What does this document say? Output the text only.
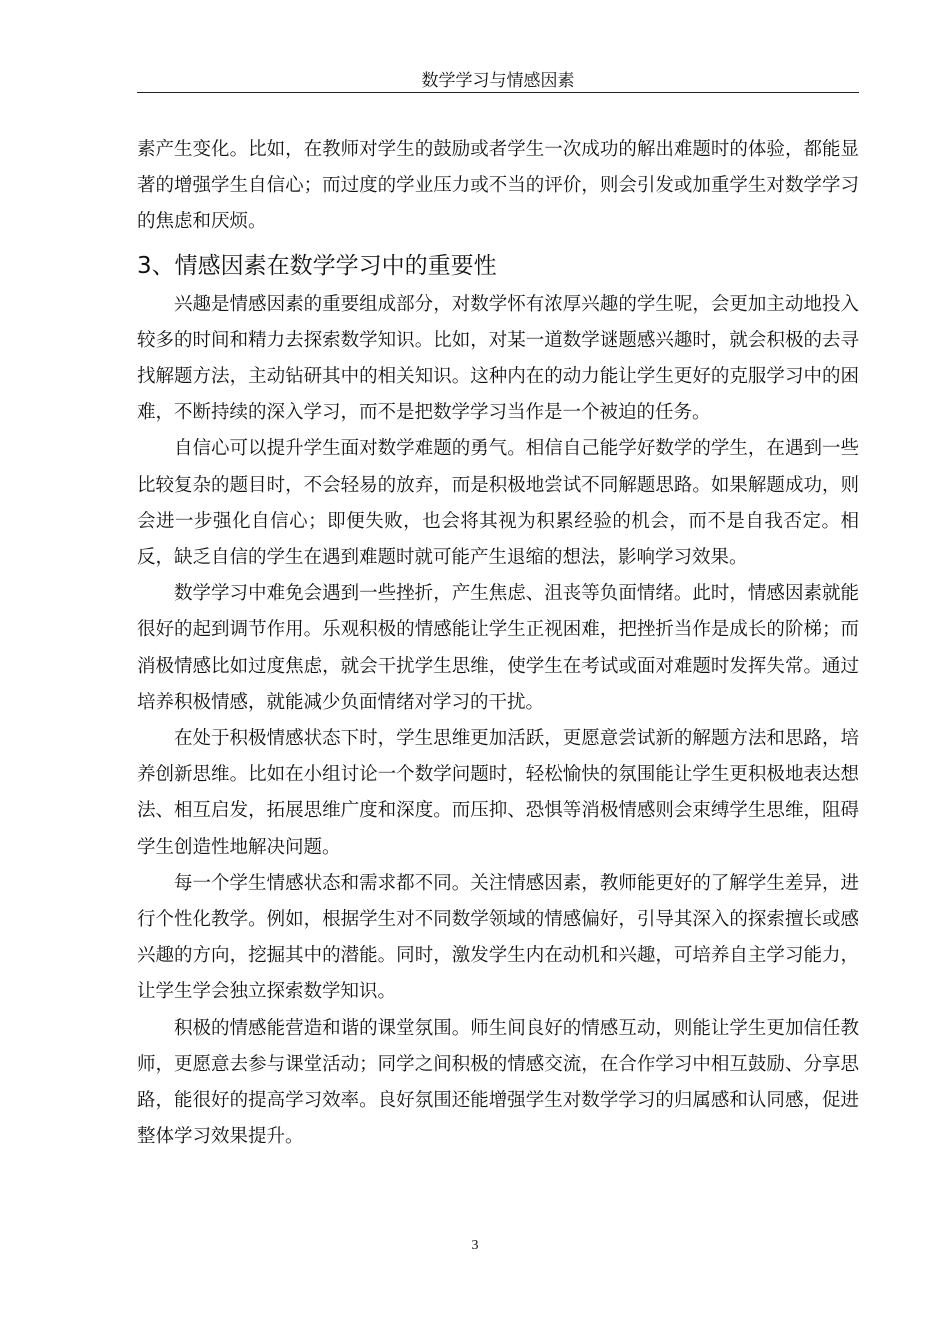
数学学习与情感因素

素产生变化。比如，在教师对学生的鼓励或者学生一次成功的解出难题时的体验，都能显著的增强学生自信心；而过度的学业压力或不当的评价，则会引发或加重学生对数学学习的焦虑和厌烦。

3、情感因素在数学学习中的重要性

兴趣是情感因素的重要组成部分，对数学怀有浓厚兴趣的学生呢，会更加主动地投入较多的时间和精力去探索数学知识。比如，对某一道数学谜题感兴趣时，就会积极的去寻找解题方法，主动钻研其中的相关知识。这种内在的动力能让学生更好的克服学习中的困难，不断持续的深入学习，而不是把数学学习当作是一个被迫的任务。

自信心可以提升学生面对数学难题的勇气。相信自己能学好数学的学生，在遇到一些比较复杂的题目时，不会轻易的放弃，而是积极地尝试不同解题思路。如果解题成功，则会进一步强化自信心；即便失败，也会将其视为积累经验的机会，而不是自我否定。相反，缺乏自信的学生在遇到难题时就可能产生退缩的想法，影响学习效果。

数学学习中难免会遇到一些挫折，产生焦虑、沮丧等负面情绪。此时，情感因素就能很好的起到调节作用。乐观积极的情感能让学生正视困难，把挫折当作是成长的阶梯；而消极情感比如过度焦虑，就会干扰学生思维，使学生在考试或面对难题时发挥失常。通过培养积极情感，就能减少负面情绪对学习的干扰。

在处于积极情感状态下时，学生思维更加活跃，更愿意尝试新的解题方法和思路，培养创新思维。比如在小组讨论一个数学问题时，轻松愉快的氛围能让学生更积极地表达想法、相互启发，拓展思维广度和深度。而压抑、恐惧等消极情感则会束缚学生思维，阻碍学生创造性地解决问题。

每一个学生情感状态和需求都不同。关注情感因素，教师能更好的了解学生差异，进行个性化教学。例如，根据学生对不同数学领域的情感偏好，引导其深入的探索擅长或感兴趣的方向，挖掘其中的潜能。同时，激发学生内在动机和兴趣，可培养自主学习能力，让学生学会独立探索数学知识。

积极的情感能营造和谐的课堂氛围。师生间良好的情感互动，则能让学生更加信任教师，更愿意去参与课堂活动；同学之间积极的情感交流，在合作学习中相互鼓励、分享思路，能很好的提高学习效率。良好氛围还能增强学生对数学学习的归属感和认同感，促进整体学习效果提升。

3
